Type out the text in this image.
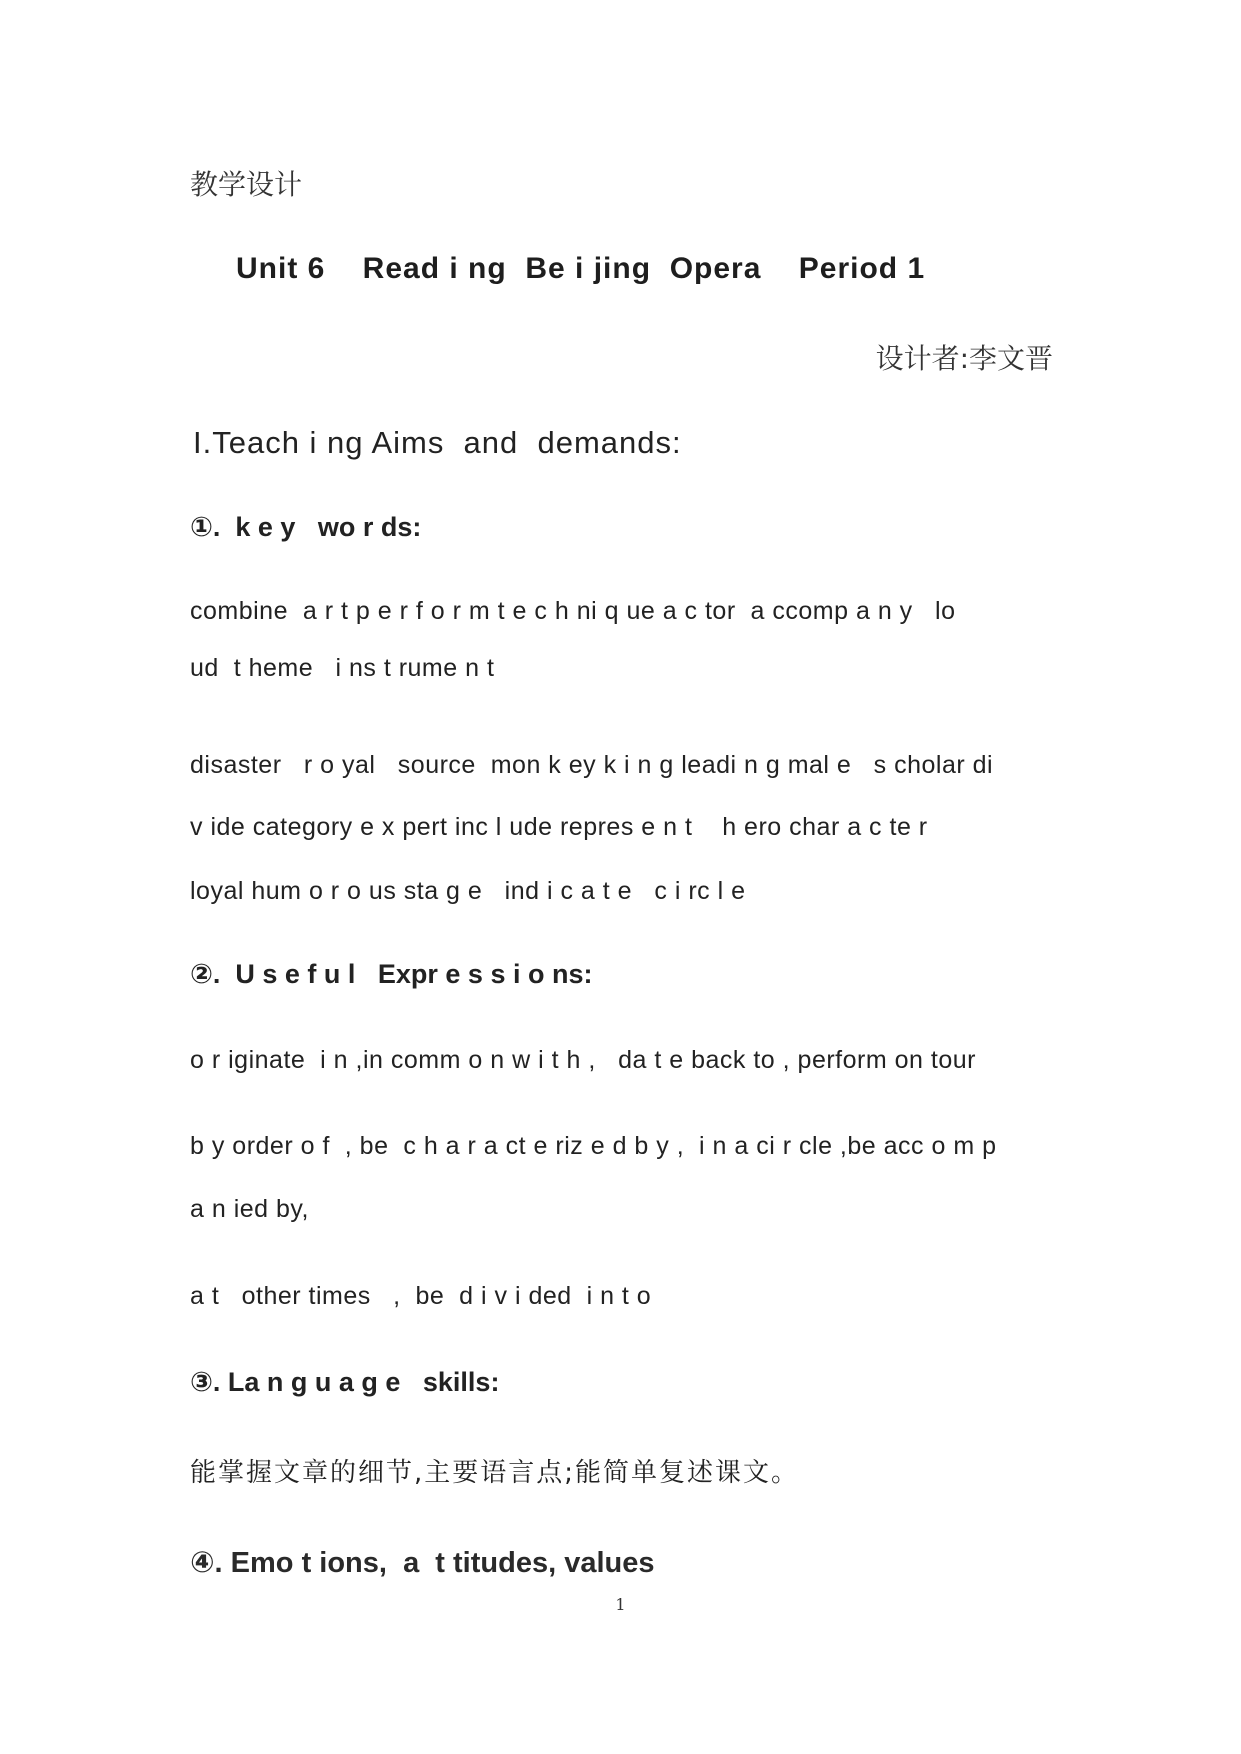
教学设计
Unit 6    Read i ng  Be i jing  Opera    Period 1
设计者:李文晋
I.Teach i ng Aims  and  demands:
①.  k e y   wo r ds:
combine  a r t p e r f o r m t e c h ni q ue a c tor  a ccomp a n y   lo
ud  t heme   i ns t rume n t
disaster   r o yal   source  mon k ey k i n g leadi n g mal e   s cholar di
v ide category e x pert inc l ude repres e n t    h ero char a c te r
loyal hum o r o us sta g e   ind i c a t e   c i rc l e
②.  U s e f u l   Expr e s s i o ns:
o r iginate  i n ,in comm o n w i t h ,   da t e back to , perform on tour
b y order o f  , be  c h a r a ct e riz e d b y ,  i n a ci r cle ,be acc o m p
a n ied by,
a t   other times   ,  be  d i v i ded  i n t o
③. La n g u a g e   skills:
能掌握文章的细节,主要语言点;能简单复述课文。
④. Emo t ions,  a  t titudes, values
1
